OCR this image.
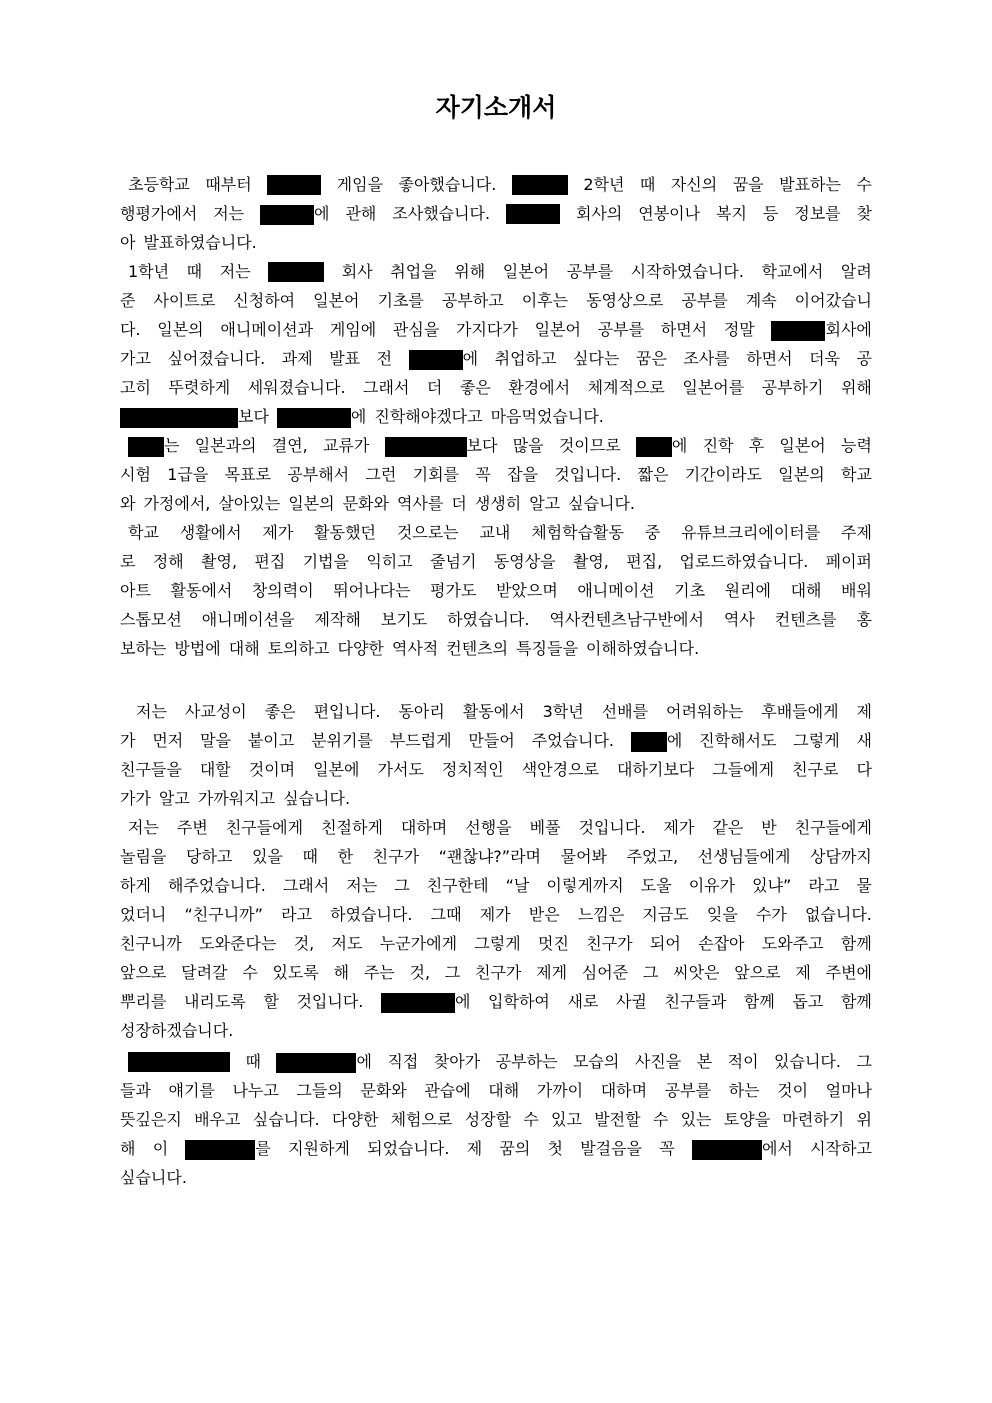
자기소개서
초등학교 때부터	게임을 좋아했습니다.	2학년 때 자신의 꿈을 발표하는 수
행평가에서 저는	에 관해 조사했습니다.	회사의 연봉이나 복지 등 정보를 찾
아 발표하였습니다.
1학년 때 저는	회사 취업을 위해 일본어 공부를 시작하였습니다. 학교에서 알려
준 사이트로 신청하여 일본어 기초를 공부하고 이후는 동영상으로 공부를 계속 이어갔습니
다. 일본의 애니메이션과 게임에 관심을 가지다가 일본어 공부를 하면서 정말	회사에
가고 싶어졌습니다. 과제 발표 전	에 취업하고 싶다는 꿈은 조사를 하면서 더욱 공
고히 뚜렷하게 세워졌습니다. 그래서 더 좋은 환경에서 체계적으로 일본어를 공부하기 위해
보다	에 진학해야겠다고 마음먹었습니다.
는 일본과의 결연, 교류가	보다 많을 것이므로	에 진학 후 일본어 능력
시험 1급을 목표로 공부해서 그런 기회를 꼭 잡을 것입니다. 짧은 기간이라도 일본의 학교
와 가정에서, 살아있는 일본의 문화와 역사를 더 생생히 알고 싶습니다.
학교 생활에서 제가 활동했던 것으로는 교내 체험학습활동 중 유튜브크리에이터를 주제
로 정해 촬영, 편집 기법을 익히고 줄넘기 동영상을 촬영, 편집, 업로드하였습니다. 페이퍼
아트 활동에서 창의력이 뛰어나다는 평가도 받았으며 애니메이션 기초 원리에 대해 배워
스톱모션 애니메이션을 제작해 보기도 하였습니다. 역사컨텐츠남구반에서 역사 컨텐츠를 홍
보하는 방법에 대해 토의하고 다양한 역사적 컨텐츠의 특징들을 이해하였습니다.
저는 사교성이 좋은 편입니다. 동아리 활동에서 3학년 선배를 어려워하는 후배들에게 제
가 먼저 말을 붙이고 분위기를 부드럽게 만들어 주었습니다.	에 진학해서도 그렇게 새
친구들을 대할 것이며 일본에 가서도 정치적인 색안경으로 대하기보다 그들에게 친구로 다
가가 알고 가까워지고 싶습니다.
저는 주변 친구들에게 친절하게 대하며 선행을 베풀 것입니다. 제가 같은 반 친구들에게
놀림을 당하고 있을 때 한 친구가 “괜찮냐?”라며 물어봐 주었고, 선생님들에게 상담까지
하게 해주었습니다. 그래서 저는 그 친구한테 “날 이렇게까지 도울 이유가 있냐” 라고 물
었더니 “친구니까” 라고 하였습니다. 그때 제가 받은 느낌은 지금도 잊을 수가 없습니다.
친구니까 도와준다는 것, 저도 누군가에게 그렇게 멋진 친구가 되어 손잡아 도와주고 함께
앞으로 달려갈 수 있도록 해 주는 것, 그 친구가 제게 심어준 그 씨앗은 앞으로 제 주변에
뿌리를 내리도록 할 것입니다.	에 입학하여 새로 사귈 친구들과 함께 돕고 함께
성장하겠습니다.
때	에 직접 찾아가 공부하는 모습의 사진을 본 적이 있습니다. 그
들과 얘기를 나누고 그들의 문화와 관습에 대해 가까이 대하며 공부를 하는 것이 얼마나
뜻깊은지 배우고 싶습니다. 다양한 체험으로 성장할 수 있고 발전할 수 있는 토양을 마련하기 위
해 이	를 지원하게 되었습니다. 제 꿈의 첫 발걸음을 꼭	에서 시작하고
싶습니다.
